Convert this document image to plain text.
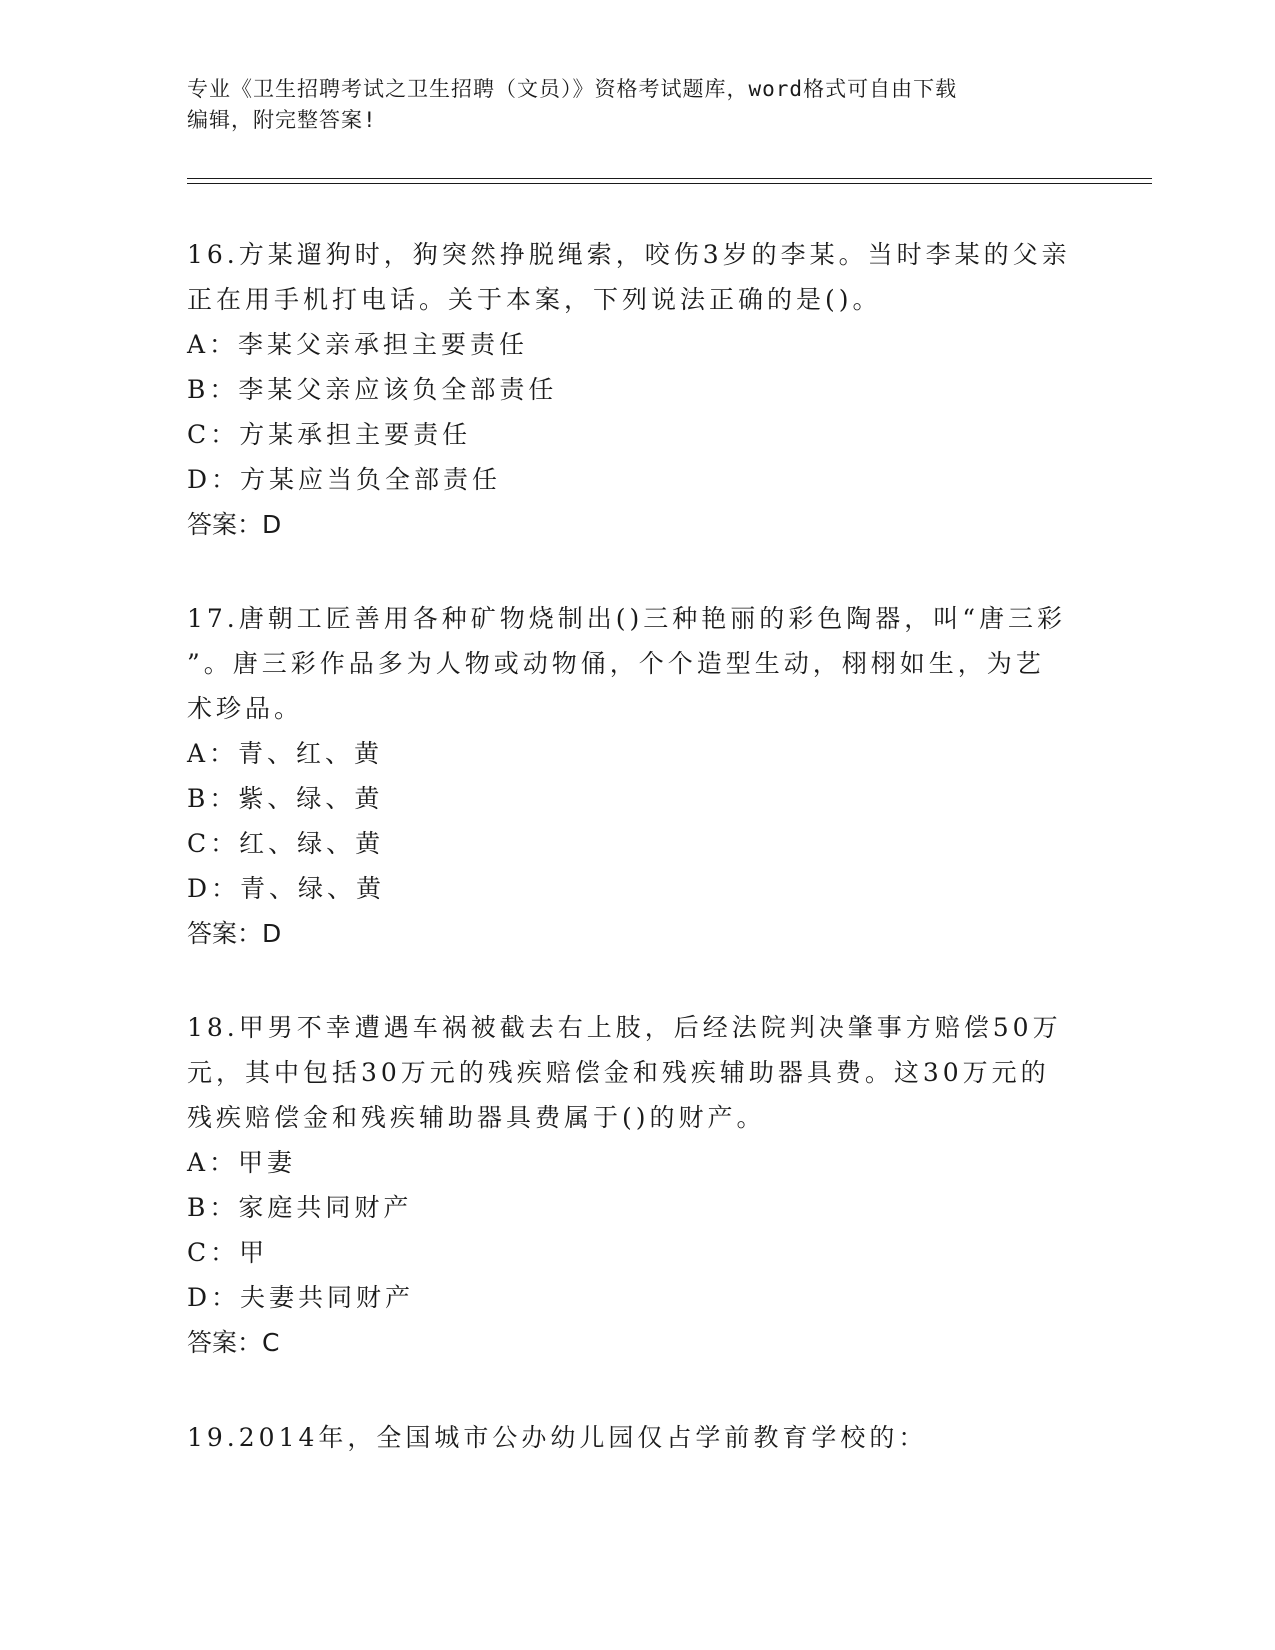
专业《卫生招聘考试之卫生招聘（文员）》资格考试题库，word格式可自由下载
编辑，附完整答案!

16.方某遛狗时，狗突然挣脱绳索，咬伤3岁的李某。当时李某的父亲

正在用手机打电话。关于本案，下列说法正确的是()。

A：李某父亲承担主要责任

B：李某父亲应该负全部责任

C：方某承担主要责任

D：方某应当负全部责任

答案：D

17.唐朝工匠善用各种矿物烧制出()三种艳丽的彩色陶器，叫“唐三彩

”。唐三彩作品多为人物或动物俑，个个造型生动，栩栩如生，为艺

术珍品。

A：青、红、黄

B：紫、绿、黄

C：红、绿、黄

D：青、绿、黄

答案：D

18.甲男不幸遭遇车祸被截去右上肢，后经法院判决肇事方赔偿50万

元，其中包括30万元的残疾赔偿金和残疾辅助器具费。这30万元的

残疾赔偿金和残疾辅助器具费属于()的财产。

A：甲妻

B：家庭共同财产

C：甲

D：夫妻共同财产

答案：C

19.2014年，全国城市公办幼儿园仅占学前教育学校的：
